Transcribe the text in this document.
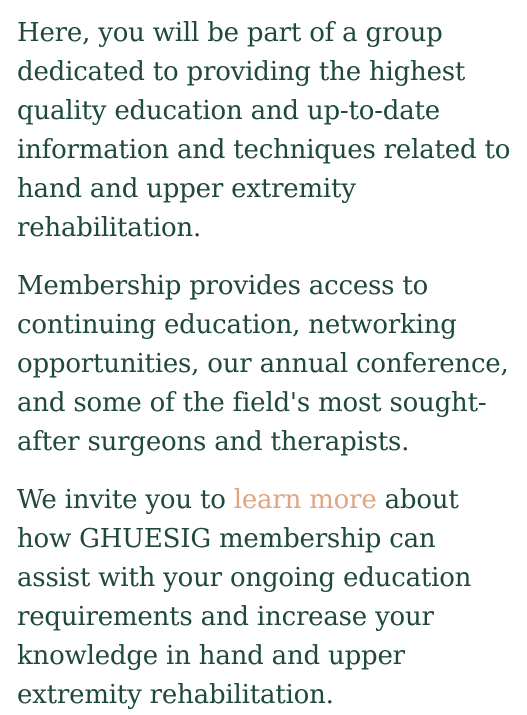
Here, you will be part of a group dedicated to providing the highest quality education and up-to-date information and techniques related to hand and upper extremity rehabilitation.

Membership provides access to continuing education, networking opportunities, our annual conference, and some of the field's most sought-after surgeons and therapists.

We invite you to learn more about how GHUESIG membership can assist with your ongoing education requirements and increase your knowledge in hand and upper extremity rehabilitation.
